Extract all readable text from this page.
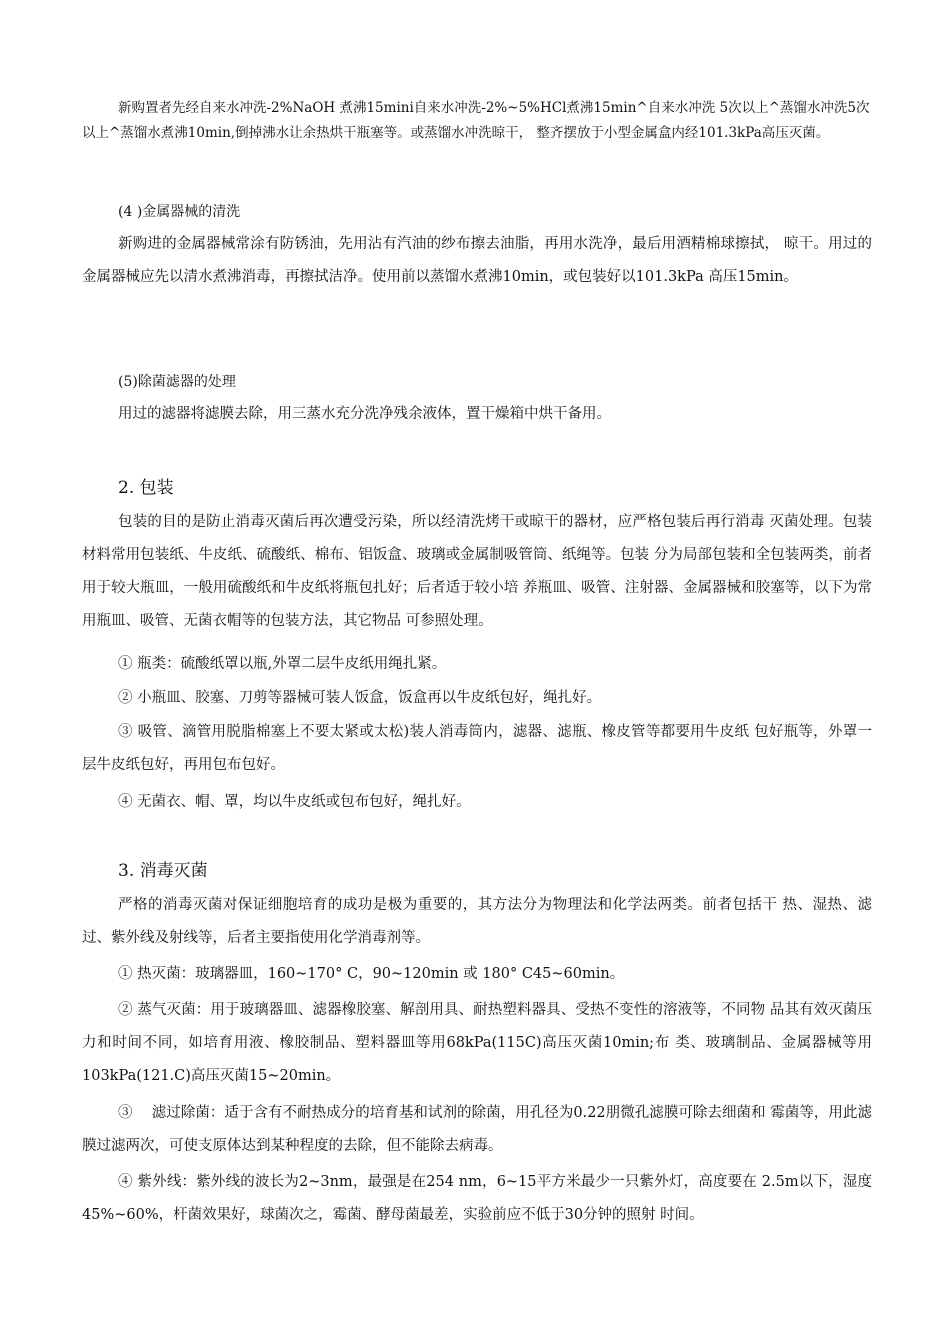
新购置者先经自来水冲洗-2%NaOH 煮沸15mini自来水冲洗-2%~5%HCl煮沸15min^自来水冲洗 5次以上^蒸馏水冲洗5次以上^蒸馏水煮沸10min,倒掉沸水让余热烘干瓶塞等。或蒸馏水冲洗晾干， 整齐摆放于小型金属盒内经101.3kPa高压灭菌。

(4 )金属器械的清洗

新购进的金属器械常涂有防锈油，先用沾有汽油的纱布擦去油脂，再用水洗净，最后用酒精棉球擦拭， 晾干。用过的金属器械应先以清水煮沸消毒，再擦拭洁净。使用前以蒸馏水煮沸10min，或包装好以101.3kPa 高压15min。

(5)除菌滤器的处理

用过的滤器将滤膜去除，用三蒸水充分洗净残余液体，置干燥箱中烘干备用。

2. 包装

包装的目的是防止消毒灭菌后再次遭受污染，所以经清洗烤干或晾干的器材，应严格包装后再行消毒 灭菌处理。包装材料常用包装纸、牛皮纸、硫酸纸、棉布、铝饭盒、玻璃或金属制吸管筒、纸绳等。包装 分为局部包装和全包装两类，前者用于较大瓶皿，一般用硫酸纸和牛皮纸将瓶包扎好；后者适于较小培 养瓶皿、吸管、注射器、金属器械和胶塞等，以下为常用瓶皿、吸管、无菌衣帽等的包装方法，其它物品 可参照处理。

① 瓶类：硫酸纸罩以瓶,外罩二层牛皮纸用绳扎紧。

② 小瓶皿、胶塞、刀剪等器械可装人饭盒，饭盒再以牛皮纸包好，绳扎好。

③ 吸管、滴管用脱脂棉塞上不要太紧或太松)装人消毒筒内，滤器、滤瓶、橡皮管等都要用牛皮纸 包好瓶等，外罩一层牛皮纸包好，再用包布包好。

④ 无菌衣、帽、罩，均以牛皮纸或包布包好，绳扎好。

3. 消毒灭菌

严格的消毒灭菌对保证细胞培育的成功是极为重要的，其方法分为物理法和化学法两类。前者包括干 热、湿热、滤过、紫外线及射线等，后者主要指使用化学消毒剂等。

① 热灭菌：玻璃器皿，160~170° C，90~120min 或 180° C45~60min。

② 蒸气灭菌：用于玻璃器皿、滤器橡胶塞、解剖用具、耐热塑料器具、受热不变性的溶液等，不同物 品其有效灭菌压力和时间不同，如培育用液、橡胶制品、塑料器皿等用68kPa(115C)高压灭菌10min;布 类、玻璃制品、金属器械等用103kPa(121.C)高压灭菌15~20min。

③　 滤过除菌：适于含有不耐热成分的培育基和试剂的除菌，用孔径为0.22朋微孔滤膜可除去细菌和 霉菌等，用此滤膜过滤两次，可使支原体达到某种程度的去除，但不能除去病毒。

④ 紫外线：紫外线的波长为2~3nm，最强是在254 nm，6~15平方米最少一只紫外灯，高度要在 2.5m以下，湿度45%~60%，杆菌效果好，球菌次之，霉菌、酵母菌最差，实验前应不低于30分钟的照射 时间。
